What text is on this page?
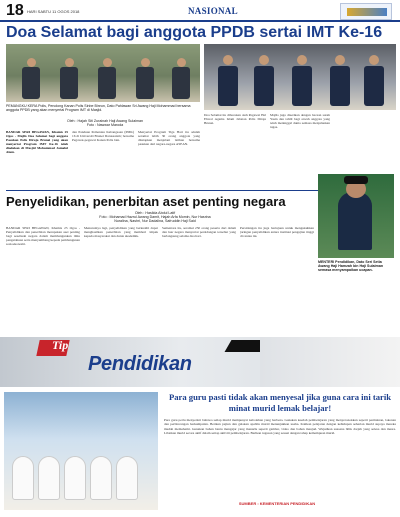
18 HARI SABTU 11 OGOS 2018	NASIONAL
Doa Selamat bagi anggota PPDB sertai IMT Ke-16
PEMANGKU KERA Polis, Penolong Kanan Polis Sinbe Binrun, Dato Pahlawan Sri Awang Haji Mohammad bersama anggota PPDB yang akan menyertai Program IMT di Masjid.
Oleh : Hajah Siti Zurainah Haji Awang Sulaiman
Foto : Nawwar Maroda
BANDAR SERI BEGAWAN, Khamis 25 Ogos - Majlis Doa Selamat bagi anggota Pasukan Polis Diraja Brunei yang akan menyertai Program IMT Ke-16 telah diadakan di Masjid Mohammad Jamalul Alam.
dan Panduan Pemantau Kebangsaan (PMK) 16 di Universiti Brunei Darussalam; bersama Pegawai-pegawai Kanan Polis lain.
Menyertai Program Tiga Hari itu adalah seramai lebih 30 orang anggota yang ditetapkan menjalani latihan bersama pasukan dari negara-negara ASEAN.
Doa Selamat itu dibacakan oleh Pegawai Hal Ehwal Agama Islam Jabatan Polis Diraja Brunei.
Majlis juga diserikan dengan bacaan surah Yasin dan tahlil bagi arwah anggota yang telah meninggal dunia semasa menjalankan tugas.
Penyelidikan, penerbitan aset penting negara
Oleh : Haslida Abdul Latif
Foto : Mohamad Hazrul Awang Damit, Hajah Arfa Momin, Nur Hasrina
Nuralina, Nashri, Nur Dadalina, Safruddin Haji Said
BANDAR SERI BEGAWAN, Khamis 25 Ogos - Penyelidikan dan penerbitan merupakan aset penting bagi sesebuah negara dalam membangunkan ilmu pengetahuan serta menyumbang kepada pembangunan sosioekonomi.
Menurutnya lagi, penyelidikan yang berkualiti dapat menghasilkan penerbitan yang memberi impak kepada masyarakat dan dunia akademik.
Sementara itu, seramai 250 orang peserta dari dalam dan luar negara menyertai persidangan tersebut yang berlangsung selama dua hari.
Persidangan itu juga bertujuan untuk mengukuhkan jaringan penyelidikan antara institusi pengajian tinggi di rantau ini.
MENTERI Pendidikan, Dato Seri Setia Awang Haji Hamzah bin Haji Sulaiman semasa menyampaikan ucapan.
Tip
Pendidikan
Para guru pasti tidak akan menyesal jika guna cara ini tarik minat murid lemak belajar!
Para guru perlu menyedari bahawa setiap murid mempunyai kebolehan yang berbeza. Gunakan kaedah pembelajaran yang menyeronokkan seperti permainan, lakonan dan perbincangan berkumpulan. Berikan pujian dan galakan apabila murid menunjukkan usaha. Kaitkan pelajaran dengan kehidupan seharian murid supaya mereka mudah memahami. Gunakan bahan bantu mengajar yang menarik seperti gambar, video dan bahan maujud. Wujudkan suasana bilik darjah yang selesa dan mesra. Libatkan murid secara aktif dalam setiap aktiviti pembelajaran. Berikan tugasan yang sesuai dengan tahap kemampuan murid.
SUMBER : KEMENTERIAN PENDIDIKAN
